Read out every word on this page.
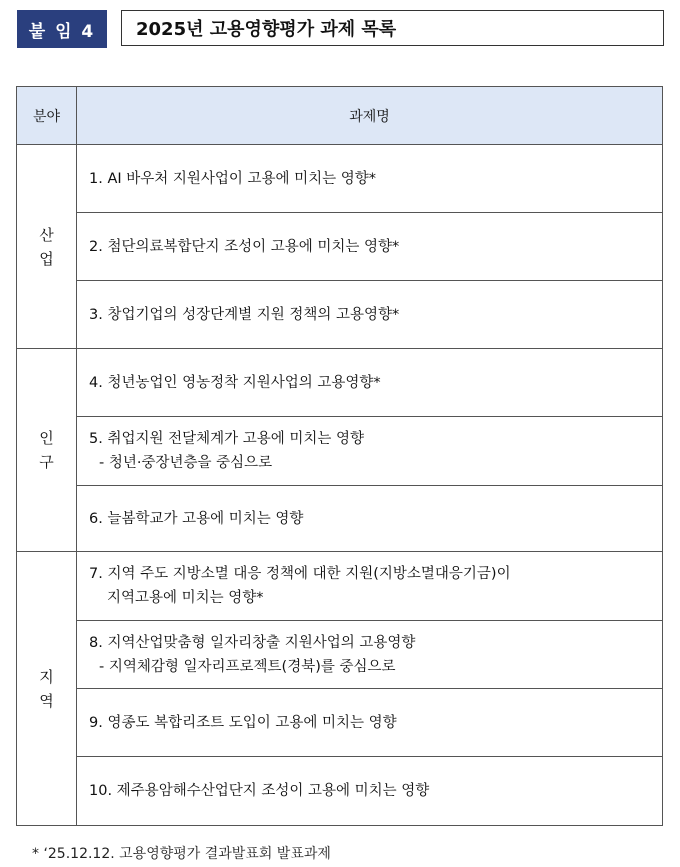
붙 임 4	2025년 고용영향평가 과제 목록
분야	과제명

산
업	1. AI 바우처 지원사업이 고용에 미치는 영향*
	2. 첨단의료복합단지 조성이 고용에 미치는 영향*
	3. 창업기업의 성장단계별 지원 정책의 고용영향*

인
구	4. 청년농업인 영농정착 지원사업의 고용영향*
	5. 취업지원 전달체계가 고용에 미치는 영향
- 청년·중장년층을 중심으로

	6. 늘봄학교가 고용에 미치는 영향

지
역	7. 지역 주도 지방소멸 대응 정책에 대한 지원(지방소멸대응기금)이
지역고용에 미치는 영향*

	8. 지역산업맞춤형 일자리창출 지원사업의 고용영향
- 지역체감형 일자리프로젝트(경북)를 중심으로

	9. 영종도 복합리조트 도입이 고용에 미치는 영향
	10. 제주용암해수산업단지 조성이 고용에 미치는 영향
* ‘25.12.12. 고용영향평가 결과발표회 발표과제
